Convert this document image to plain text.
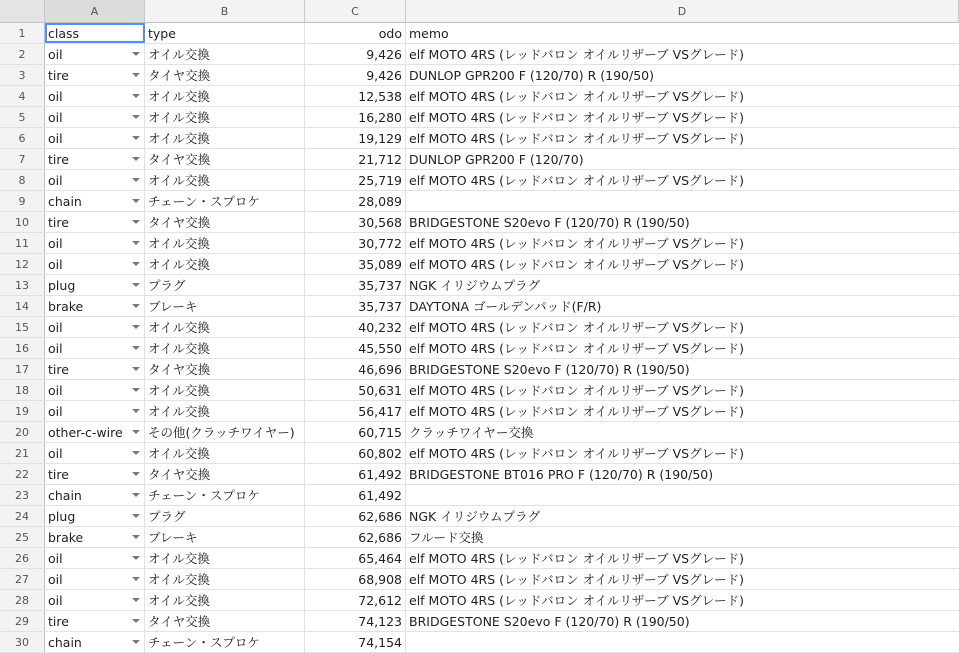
A	B	C	D
1	class	type	odo memo
2	oil	オイル交換	9,426 elf MOTO 4RS (レッドバロン オイルリザーブ VSグレード)
3	tire	タイヤ交換	9,426 DUNLOP GPR200 F (120/70) R (190/50)
4	oil	オイル交換	12,538 elf MOTO 4RS (レッドバロン オイルリザーブ VSグレード)
5	oil	オイル交換	16,280 elf MOTO 4RS (レッドバロン オイルリザーブ VSグレード)
6	oil	オイル交換	19,129 elf MOTO 4RS (レッドバロン オイルリザーブ VSグレード)
7	tire	タイヤ交換	21,712 DUNLOP GPR200 F (120/70)
8	oil	オイル交換	25,719 elf MOTO 4RS (レッドバロン オイルリザーブ VSグレード)
9	chain	チェーン・スプロケ	28,089
10	tire	タイヤ交換	30,568 BRIDGESTONE S20evo F (120/70) R (190/50)
11	oil	オイル交換	30,772 elf MOTO 4RS (レッドバロン オイルリザーブ VSグレード)
12	oil	オイル交換	35,089 elf MOTO 4RS (レッドバロン オイルリザーブ VSグレード)
13	plug	プラグ	35,737 NGK イリジウムプラグ
14	brake	ブレーキ	35,737 DAYTONA ゴールデンパッド(F/R)
15	oil	オイル交換	40,232 elf MOTO 4RS (レッドバロン オイルリザーブ VSグレード)
16	oil	オイル交換	45,550 elf MOTO 4RS (レッドバロン オイルリザーブ VSグレード)
17	tire	タイヤ交換	46,696 BRIDGESTONE S20evo F (120/70) R (190/50)
18	oil	オイル交換	50,631 elf MOTO 4RS (レッドバロン オイルリザーブ VSグレード)
19	oil	オイル交換	56,417 elf MOTO 4RS (レッドバロン オイルリザーブ VSグレード)
20	other-c-wire	その他(クラッチワイヤー)	60,715 クラッチワイヤー交換
21	oil	オイル交換	60,802 elf MOTO 4RS (レッドバロン オイルリザーブ VSグレード)
22	tire	タイヤ交換	61,492 BRIDGESTONE BT016 PRO F (120/70) R (190/50)
23	chain	チェーン・スプロケ	61,492
24	plug	プラグ	62,686 NGK イリジウムプラグ
25	brake	ブレーキ	62,686 フルード交換
26	oil	オイル交換	65,464 elf MOTO 4RS (レッドバロン オイルリザーブ VSグレード)
27	oil	オイル交換	68,908 elf MOTO 4RS (レッドバロン オイルリザーブ VSグレード)
28	oil	オイル交換	72,612 elf MOTO 4RS (レッドバロン オイルリザーブ VSグレード)
29	tire	タイヤ交換	74,123 BRIDGESTONE S20evo F (120/70) R (190/50)
30	chain	チェーン・スプロケ	74,154
